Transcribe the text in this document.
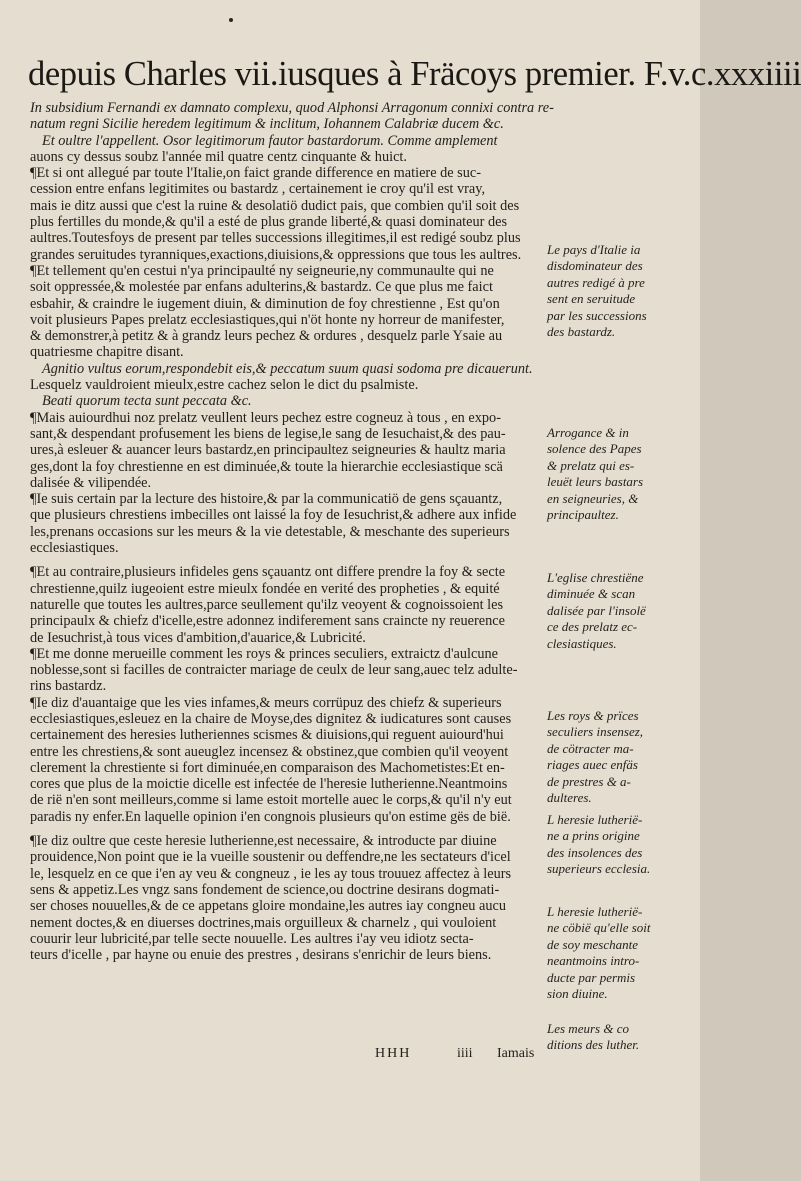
depuis Charles vii.iusques à Fräcoys premier. F.v.c.xxxiiii
In subsidium Fernandi ex damnato complexu, quod Alphonsi Arragonum connixi contra re-
natum regni Sicilie heredem legitimum & inclitum, Iohannem Calabriæ ducem &c.
Et oultre l'appellent. Osor legitimorum fautor bastardorum. Comme amplement
auons cy dessus soubz l'année mil quatre centz cinquante & huict.
¶Et si ont allegué par toute l'Italie,on faict grande difference en matiere de suc-
cession entre enfans legitimites ou bastardz , certainement ie croy qu'il est vray,
mais ie ditz aussi que c'est la ruine & desolatiö dudict pais, que combien qu'il soit des
plus fertilles du monde,& qu'il a esté de plus grande liberté,& quasi dominateur des
aultres.Toutesfoys de present par telles successions illegitimes,il est redigé soubz plus
grandes seruitudes tyranniques,exactions,diuisions,& oppressions que tous les aultres.
¶Et tellement qu'en cestui n'ya principaulté ny seigneurie,ny communaulte qui ne
soit oppressée,& molestée par enfans adulterins,& bastardz. Ce que plus me faict
esbahir, & craindre le iugement diuin, & diminution de foy chrestienne , Est qu'on
voit plusieurs Papes prelatz ecclesiastiques,qui n'öt honte ny horreur de manifester,
& demonstrer,à petitz & à grandz leurs pechez & ordures , desquelz parle Ysaie au
quatriesme chapitre disant.
Agnitio vultus eorum,respondebit eis,& peccatum suum quasi sodoma pre dicauerunt.
Lesquelz vauldroient mieulx,estre cachez selon le dict du psalmiste.
Beati quorum tecta sunt peccata &c.
¶Mais auiourdhui noz prelatz veullent leurs pechez estre cogneuz à tous , en expo-
sant,& despendant profusement les biens de legise,le sang de Iesuchaist,& des pau-
ures,à esleuer & auancer leurs bastardz,en principaultez seigneuries & haultz maria
ges,dont la foy chrestienne en est diminuée,& toute la hierarchie ecclesiastique scä
dalisée & vilipendée.
¶Ie suis certain par la lecture des histoire,& par la communicatiö de gens sçauantz,
que plusieurs chrestiens imbecilles ont laissé la foy de Iesuchrist,& adhere aux infide
les,prenans occasions sur les meurs & la vie detestable, & meschante des superieurs
ecclesiastiques.
¶Et au contraire,plusieurs infideles gens sçauantz ont differe prendre la foy & secte
chrestienne,quilz iugeoient estre mieulx fondée en verité des propheties , & equité
naturelle que toutes les aultres,parce seullement qu'ilz veoyent & cognoissoient les
principaulx & chiefz d'icelle,estre adonnez indiferement sans craincte ny reuerence
de Iesuchrist,à tous vices d'ambition,d'auarice,& Lubricité.
¶Et me donne merueille comment les roys & princes seculiers, extraictz d'aulcune
noblesse,sont si facilles de contraicter mariage de ceulx de leur sang,auec telz adulte-
rins bastardz.
¶Ie diz d'auantaige que les vies infames,& meurs corrüpuz des chiefz & superieurs
ecclesiastiques,esleuez en la chaire de Moyse,des dignitez & iudicatures sont causes
certainement des heresies lutheriennes scismes & diuisions,qui reguent auiourd'hui
entre les chrestiens,& sont aueuglez incensez & obstinez,que combien qu'il veoyent
clerement la chrestiente si fort diminuée,en comparaison des Machometistes:Et en-
cores que plus de la moictie dicelle est infectée de l'heresie lutherienne.Neantmoins
de rië n'en sont meilleurs,comme si lame estoit mortelle auec le corps,& qu'il n'y eut
paradis ny enfer.En laquelle opinion i'en congnois plusieurs qu'on estime gës de bië.
¶Ie diz oultre que ceste heresie lutherienne,est necessaire, & introducte par diuine
prouidence,Non point que ie la vueille soustenir ou deffendre,ne les sectateurs d'icel
le, lesquelz en ce que i'en ay veu & congneuz , ie les ay tous trouuez affectez à leurs
sens & appetiz.Les vngz sans fondement de science,ou doctrine desirans dogmati-
ser choses nouuelles,& de ce appetans gloire mondaine,les autres iay congneu aucu
nement doctes,& en diuerses doctrines,mais orguilleux & charnelz , qui vouloient
couurir leur lubricité,par telle secte nouuelle. Les aultres i'ay veu idiotz secta-
teurs d'icelle , par hayne ou enuie des prestres , desirans s'enrichir de leurs biens.
Le pays d'Italie ia
disdominateur des
autres redigé à pre
sent en seruitude
par les successions
des bastardz.
Arrogance & in
solence des Papes
& prelatz qui es-
leuët leurs bastars
en seigneuries, &
principaultez.
L'eglise chrestiëne
diminuée & scan
dalisée par l'insolë
ce des prelatz ec-
clesiastiques.
Les roys & prïces
seculiers insensez,
de cötracter ma-
riages auec enfäs
de prestres & a-
dulteres.
L heresie lutherië-
ne a prins origine
des insolences des
superieurs ecclesia.
L heresie lutherië-
ne cöbië qu'elle soit
de soy meschante
neantmoins intro-
ducte par permis
sion diuine.
Les meurs & co
ditions des luther.
HHH	iiii Iamais
